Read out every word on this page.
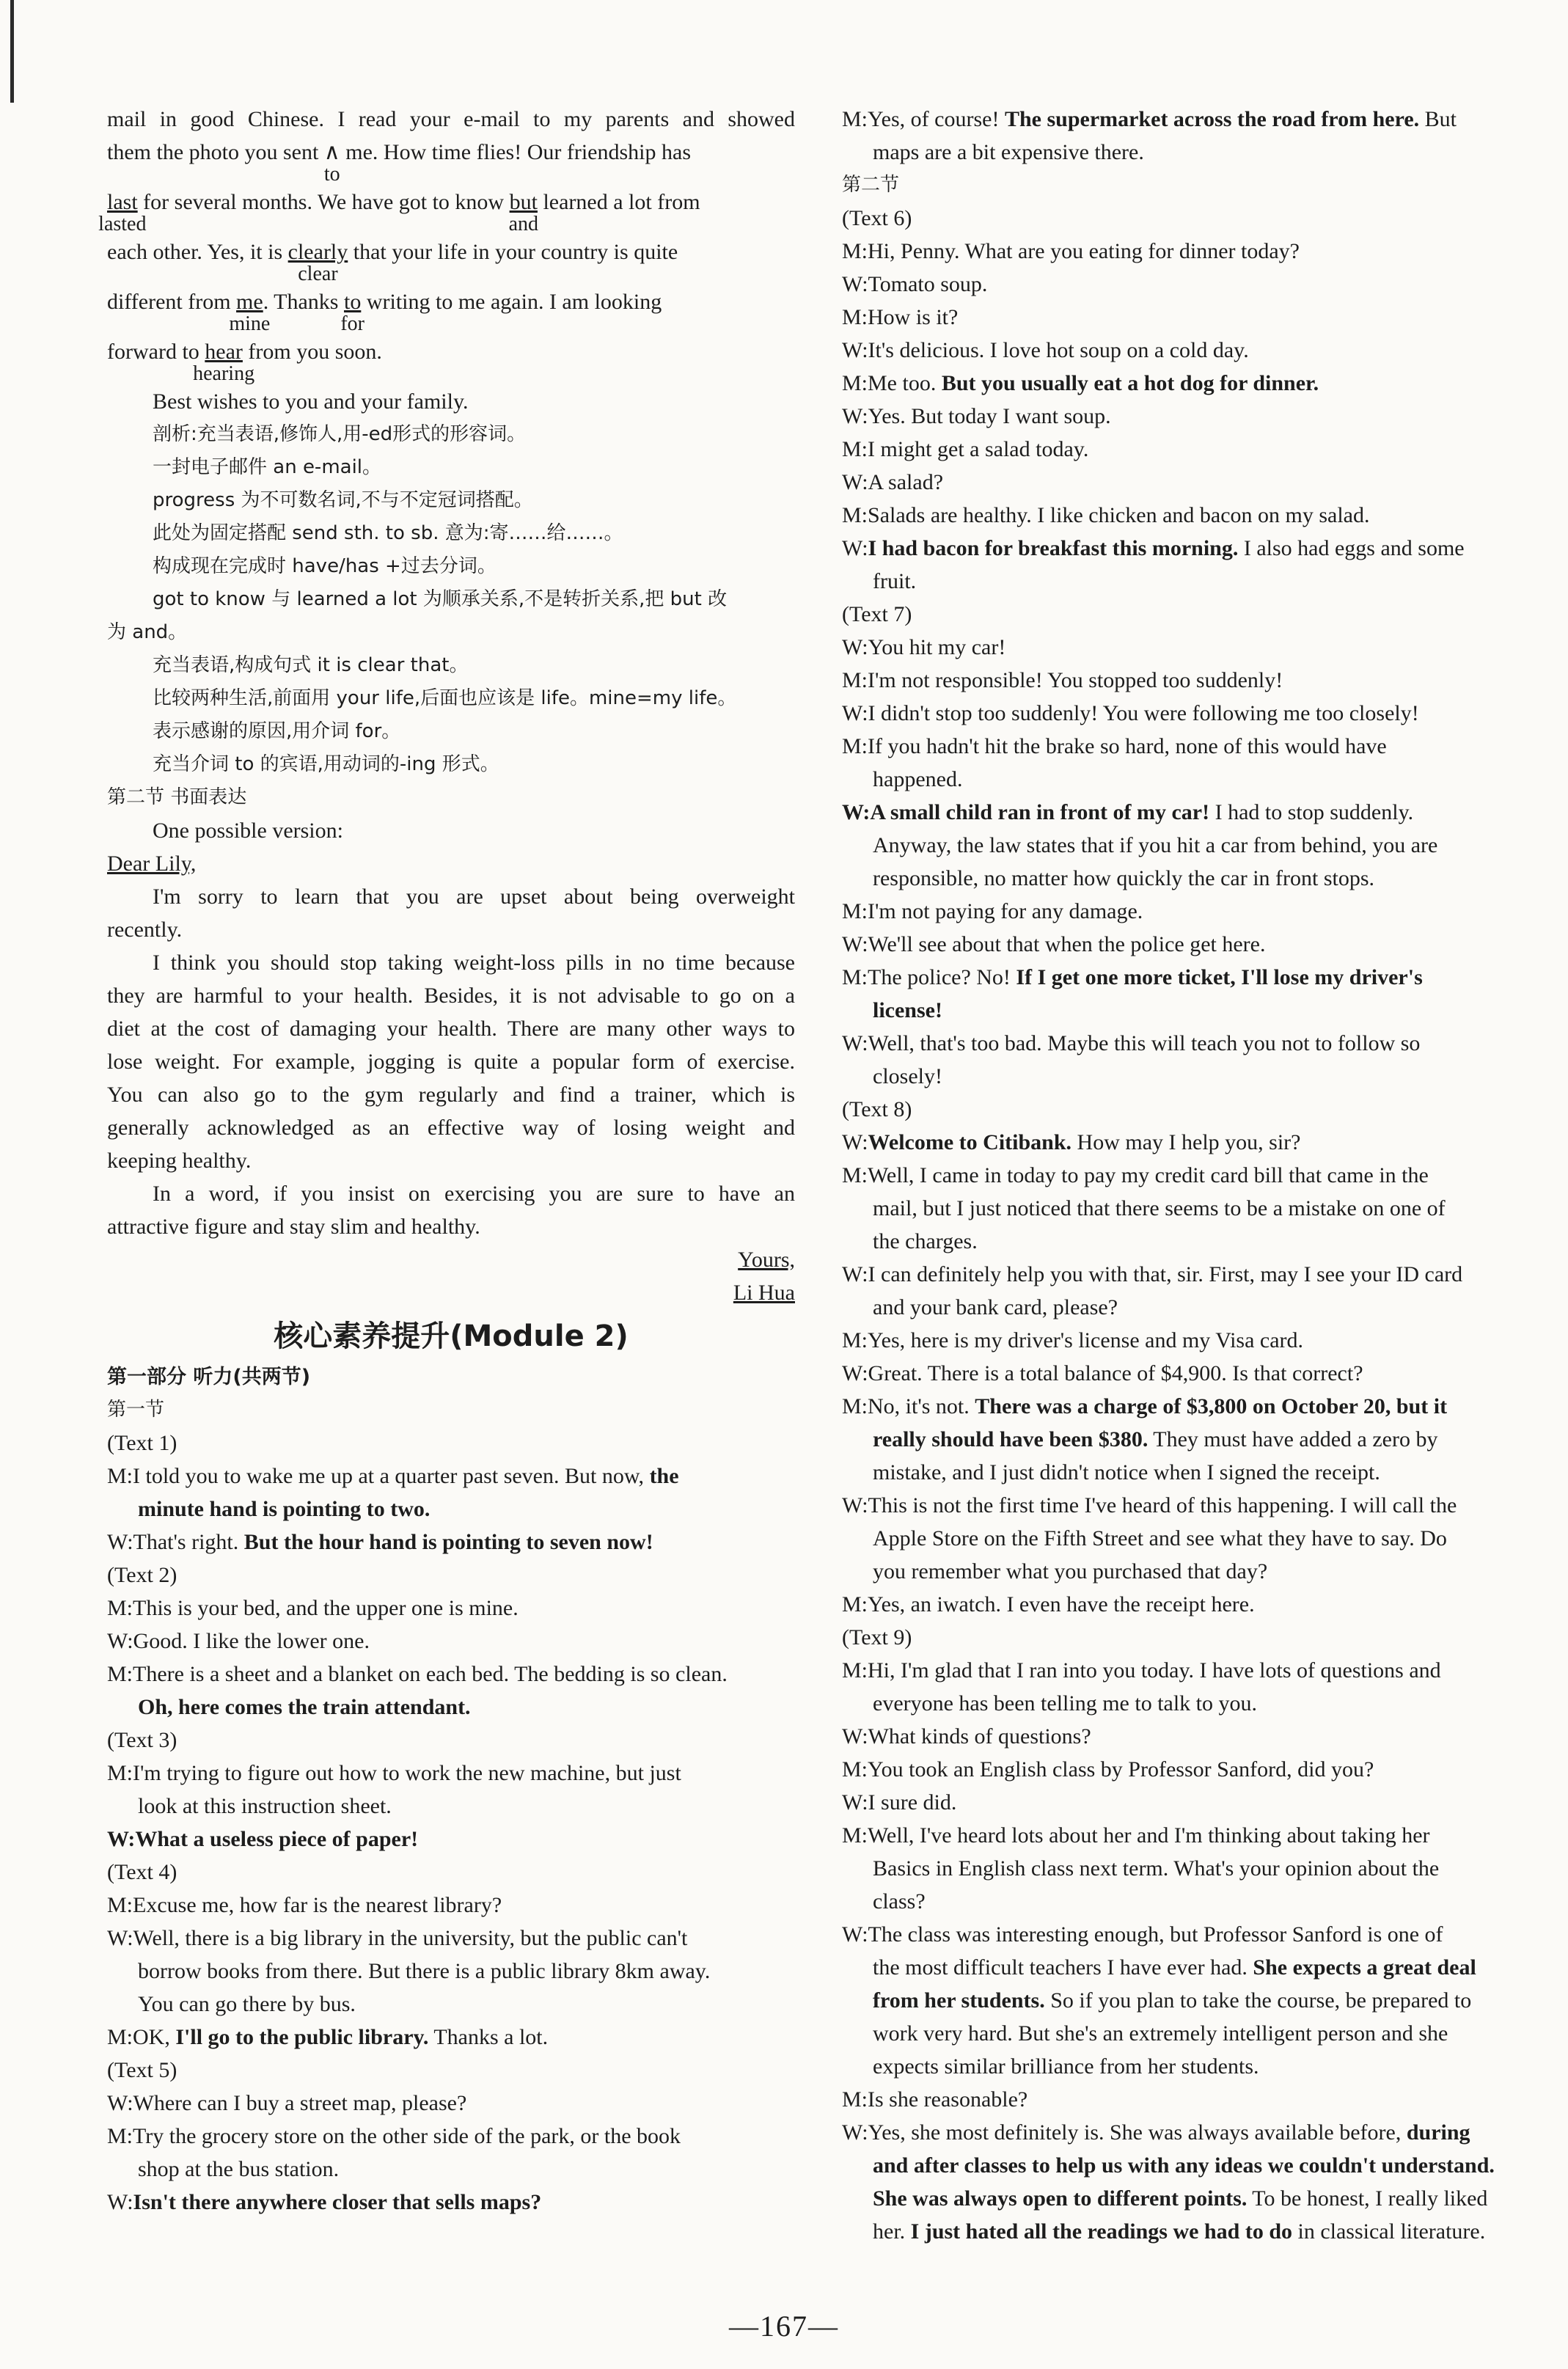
mail in good Chinese. I read your e-mail to my parents and showed
them the photo you sent ∧
to
me. How time flies! Our friendship has
last
lasted
for several months. We have got to know but
and
learned a lot from
each other. Yes, it is clearly
clear
that your life in your country is quite
different from me
mine
. Thanks to
for
writing to me again. I am looking
forward to hear
hearing
from you soon.
Best wishes to you and your family.
剖析:充当表语,修饰人,用-ed形式的形容词。
一封电子邮件 an e-mail。
progress 为不可数名词,不与不定冠词搭配。
此处为固定搭配 send sth. to sb. 意为:寄……给……。
构成现在完成时 have/has +过去分词。
got to know 与 learned a lot 为顺承关系,不是转折关系,把 but 改
为 and。
充当表语,构成句式 it is clear that。
比较两种生活,前面用 your life,后面也应该是 life。mine=my life。
表示感谢的原因,用介词 for。
充当介词 to 的宾语,用动词的-ing 形式。
第二节 书面表达
One possible version:
Dear Lily,
I'm sorry to learn that you are upset about being overweight
recently.
I think you should stop taking weight-loss pills in no time because
they are harmful to your health. Besides, it is not advisable to go on a
diet at the cost of damaging your health. There are many other ways to
lose weight. For example, jogging is quite a popular form of exercise.
You can also go to the gym regularly and find a trainer, which is
generally acknowledged as an effective way of losing weight and
keeping healthy.
In a word, if you insist on exercising you are sure to have an
attractive figure and stay slim and healthy.
Yours,
Li Hua
核心素养提升(Module 2)
第一部分 听力(共两节)
第一节
(Text 1)
M:I told you to wake me up at a quarter past seven. But now, the
minute hand is pointing to two.
W:That's right. But the hour hand is pointing to seven now!
(Text 2)
M:This is your bed, and the upper one is mine.
W:Good. I like the lower one.
M:There is a sheet and a blanket on each bed. The bedding is so clean.
Oh, here comes the train attendant.
(Text 3)
M:I'm trying to figure out how to work the new machine, but just
look at this instruction sheet.
W:What a useless piece of paper!
(Text 4)
M:Excuse me, how far is the nearest library?
W:Well, there is a big library in the university, but the public can't
borrow books from there. But there is a public library 8km away.
You can go there by bus.
M:OK, I'll go to the public library. Thanks a lot.
(Text 5)
W:Where can I buy a street map, please?
M:Try the grocery store on the other side of the park, or the book
shop at the bus station.
W:Isn't there anywhere closer that sells maps?
M:Yes, of course! The supermarket across the road from here. But
maps are a bit expensive there.
第二节
(Text 6)
M:Hi, Penny. What are you eating for dinner today?
W:Tomato soup.
M:How is it?
W:It's delicious. I love hot soup on a cold day.
M:Me too. But you usually eat a hot dog for dinner.
W:Yes. But today I want soup.
M:I might get a salad today.
W:A salad?
M:Salads are healthy. I like chicken and bacon on my salad.
W:I had bacon for breakfast this morning. I also had eggs and some
fruit.
(Text 7)
W:You hit my car!
M:I'm not responsible! You stopped too suddenly!
W:I didn't stop too suddenly! You were following me too closely!
M:If you hadn't hit the brake so hard, none of this would have
happened.
W:A small child ran in front of my car! I had to stop suddenly.
Anyway, the law states that if you hit a car from behind, you are
responsible, no matter how quickly the car in front stops.
M:I'm not paying for any damage.
W:We'll see about that when the police get here.
M:The police? No! If I get one more ticket, I'll lose my driver's
license!
W:Well, that's too bad. Maybe this will teach you not to follow so
closely!
(Text 8)
W:Welcome to Citibank. How may I help you, sir?
M:Well, I came in today to pay my credit card bill that came in the
mail, but I just noticed that there seems to be a mistake on one of
the charges.
W:I can definitely help you with that, sir. First, may I see your ID card
and your bank card, please?
M:Yes, here is my driver's license and my Visa card.
W:Great. There is a total balance of $4,900. Is that correct?
M:No, it's not. There was a charge of $3,800 on October 20, but it
really should have been $380. They must have added a zero by
mistake, and I just didn't notice when I signed the receipt.
W:This is not the first time I've heard of this happening. I will call the
Apple Store on the Fifth Street and see what they have to say. Do
you remember what you purchased that day?
M:Yes, an iwatch. I even have the receipt here.
(Text 9)
M:Hi, I'm glad that I ran into you today. I have lots of questions and
everyone has been telling me to talk to you.
W:What kinds of questions?
M:You took an English class by Professor Sanford, did you?
W:I sure did.
M:Well, I've heard lots about her and I'm thinking about taking her
Basics in English class next term. What's your opinion about the
class?
W:The class was interesting enough, but Professor Sanford is one of
the most difficult teachers I have ever had. She expects a great deal
from her students. So if you plan to take the course, be prepared to
work very hard. But she's an extremely intelligent person and she
expects similar brilliance from her students.
M:Is she reasonable?
W:Yes, she most definitely is. She was always available before, during
and after classes to help us with any ideas we couldn't understand.
She was always open to different points. To be honest, I really liked
her. I just hated all the readings we had to do in classical literature.
—167—
